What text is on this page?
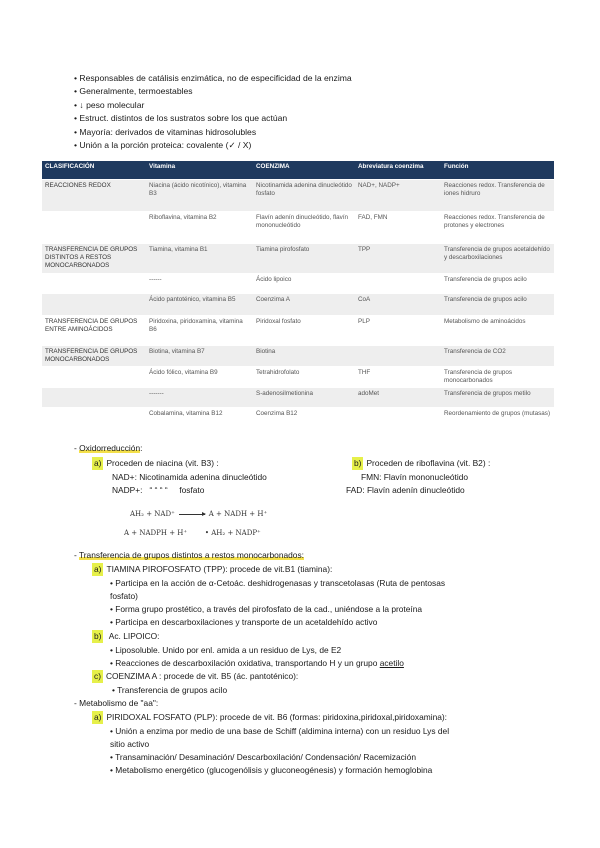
• Responsables de catálisis enzimática, no de especificidad de la enzima
• Generalmente, termoestables
• ↓ peso molecular
• Estruct. distintos de los sustratos sobre los que actúan
• Mayoría: derivados de vitaminas hidrosolubles
• Unión a la porción proteica: covalente (✓ / X)
CLASIFICACIÓN	Vitamina	COENZIMA	Abreviatura coenzima	Función
REACCIONES REDOX	Niacina (ácido nicotínico), vitamina B3	Nicotinamida adenina dinucleótido fosfato	NAD+, NADP+	Reacciones redox. Transferencia de iones hidruro
	Riboflavina, vitamina B2	Flavín adenín dinucleótido, flavín mononucleótido	FAD, FMN	Reacciones redox. Transferencia de protones y electrones
TRANSFERENCIA DE GRUPOS DISTINTOS A RESTOS MONOCARBONADOS	Tiamina, vitamina B1	Tiamina pirofosfato	TPP	Transferencia de grupos acetaldehído y descarboxilaciones
	------	Ácido lipoico		Transferencia de grupos acilo
	Ácido pantoténico, vitamina B5	Coenzima A	CoA	Transferencia de grupos acilo
TRANSFERENCIA DE GRUPOS ENTRE AMINOÁCIDOS	Piridoxina, piridoxamina, vitamina B6	Piridoxal fosfato	PLP	Metabolismo de aminoácidos
TRANSFERENCIA DE GRUPOS MONOCARBONADOS	Biotina, vitamina B7	Biotina		Transferencia de CO2
	Ácido fólico, vitamina B9	Tetrahidrofolato	THF	Transferencia de grupos monocarbonados
	-------	S-adenosilmetionina	adoMet	Transferencia de grupos metilo
	Cobalamina, vitamina B12	Coenzima B12		Reordenamiento de grupos (mutasas)
- Oxidorreducción:
a) Proceden de niacina (vit. B3) :
NAD+: Nicotinamida adenina dinucleótido
NADP+: “ “ “ “ fosfato
b) Proceden de riboflavina (vit. B2) :
FMN: Flavín mononucleótido
FAD: Flavín adenín dinucleótido
AH₂ + NAD⁺ → A + NADH + H⁺
A + NADPH + H⁺        • AH₂ + NADP⁺
- Transferencia de grupos distintos a restos monocarbonados:
a) TIAMINA PIROFOSFATO (TPP): procede de vit.B1 (tiamina):
• Participa en la acción de α-Cetoác. deshidrogenasas y transcetolasas (Ruta de pentosas
fosfato)
• Forma grupo prostético, a través del pirofosfato de la cad., uniéndose a la proteína
• Participa en descarboxilaciones y transporte de un acetaldehído activo
b) Ac. LIPOICO:
• Liposoluble. Unido por enl. amida a un residuo de Lys, de E2
• Reacciones de descarboxilación oxidativa, transportando H y un grupo acetilo
c) COENZIMA A : procede de vit. B5 (ác. pantoténico):
• Transferencia de grupos acilo
- Metabolismo de "aa":
a) PIRIDOXAL FOSFATO (PLP): procede de vit. B6 (formas: piridoxina,piridoxal,piridoxamina):
• Unión a enzima por medio de una base de Schiff (aldimina interna) con un residuo Lys del
sitio activo
• Transaminación/ Desaminación/ Descarboxilación/ Condensación/ Racemización
• Metabolismo energético (glucogenólisis y gluconeogénesis) y formación hemoglobina
